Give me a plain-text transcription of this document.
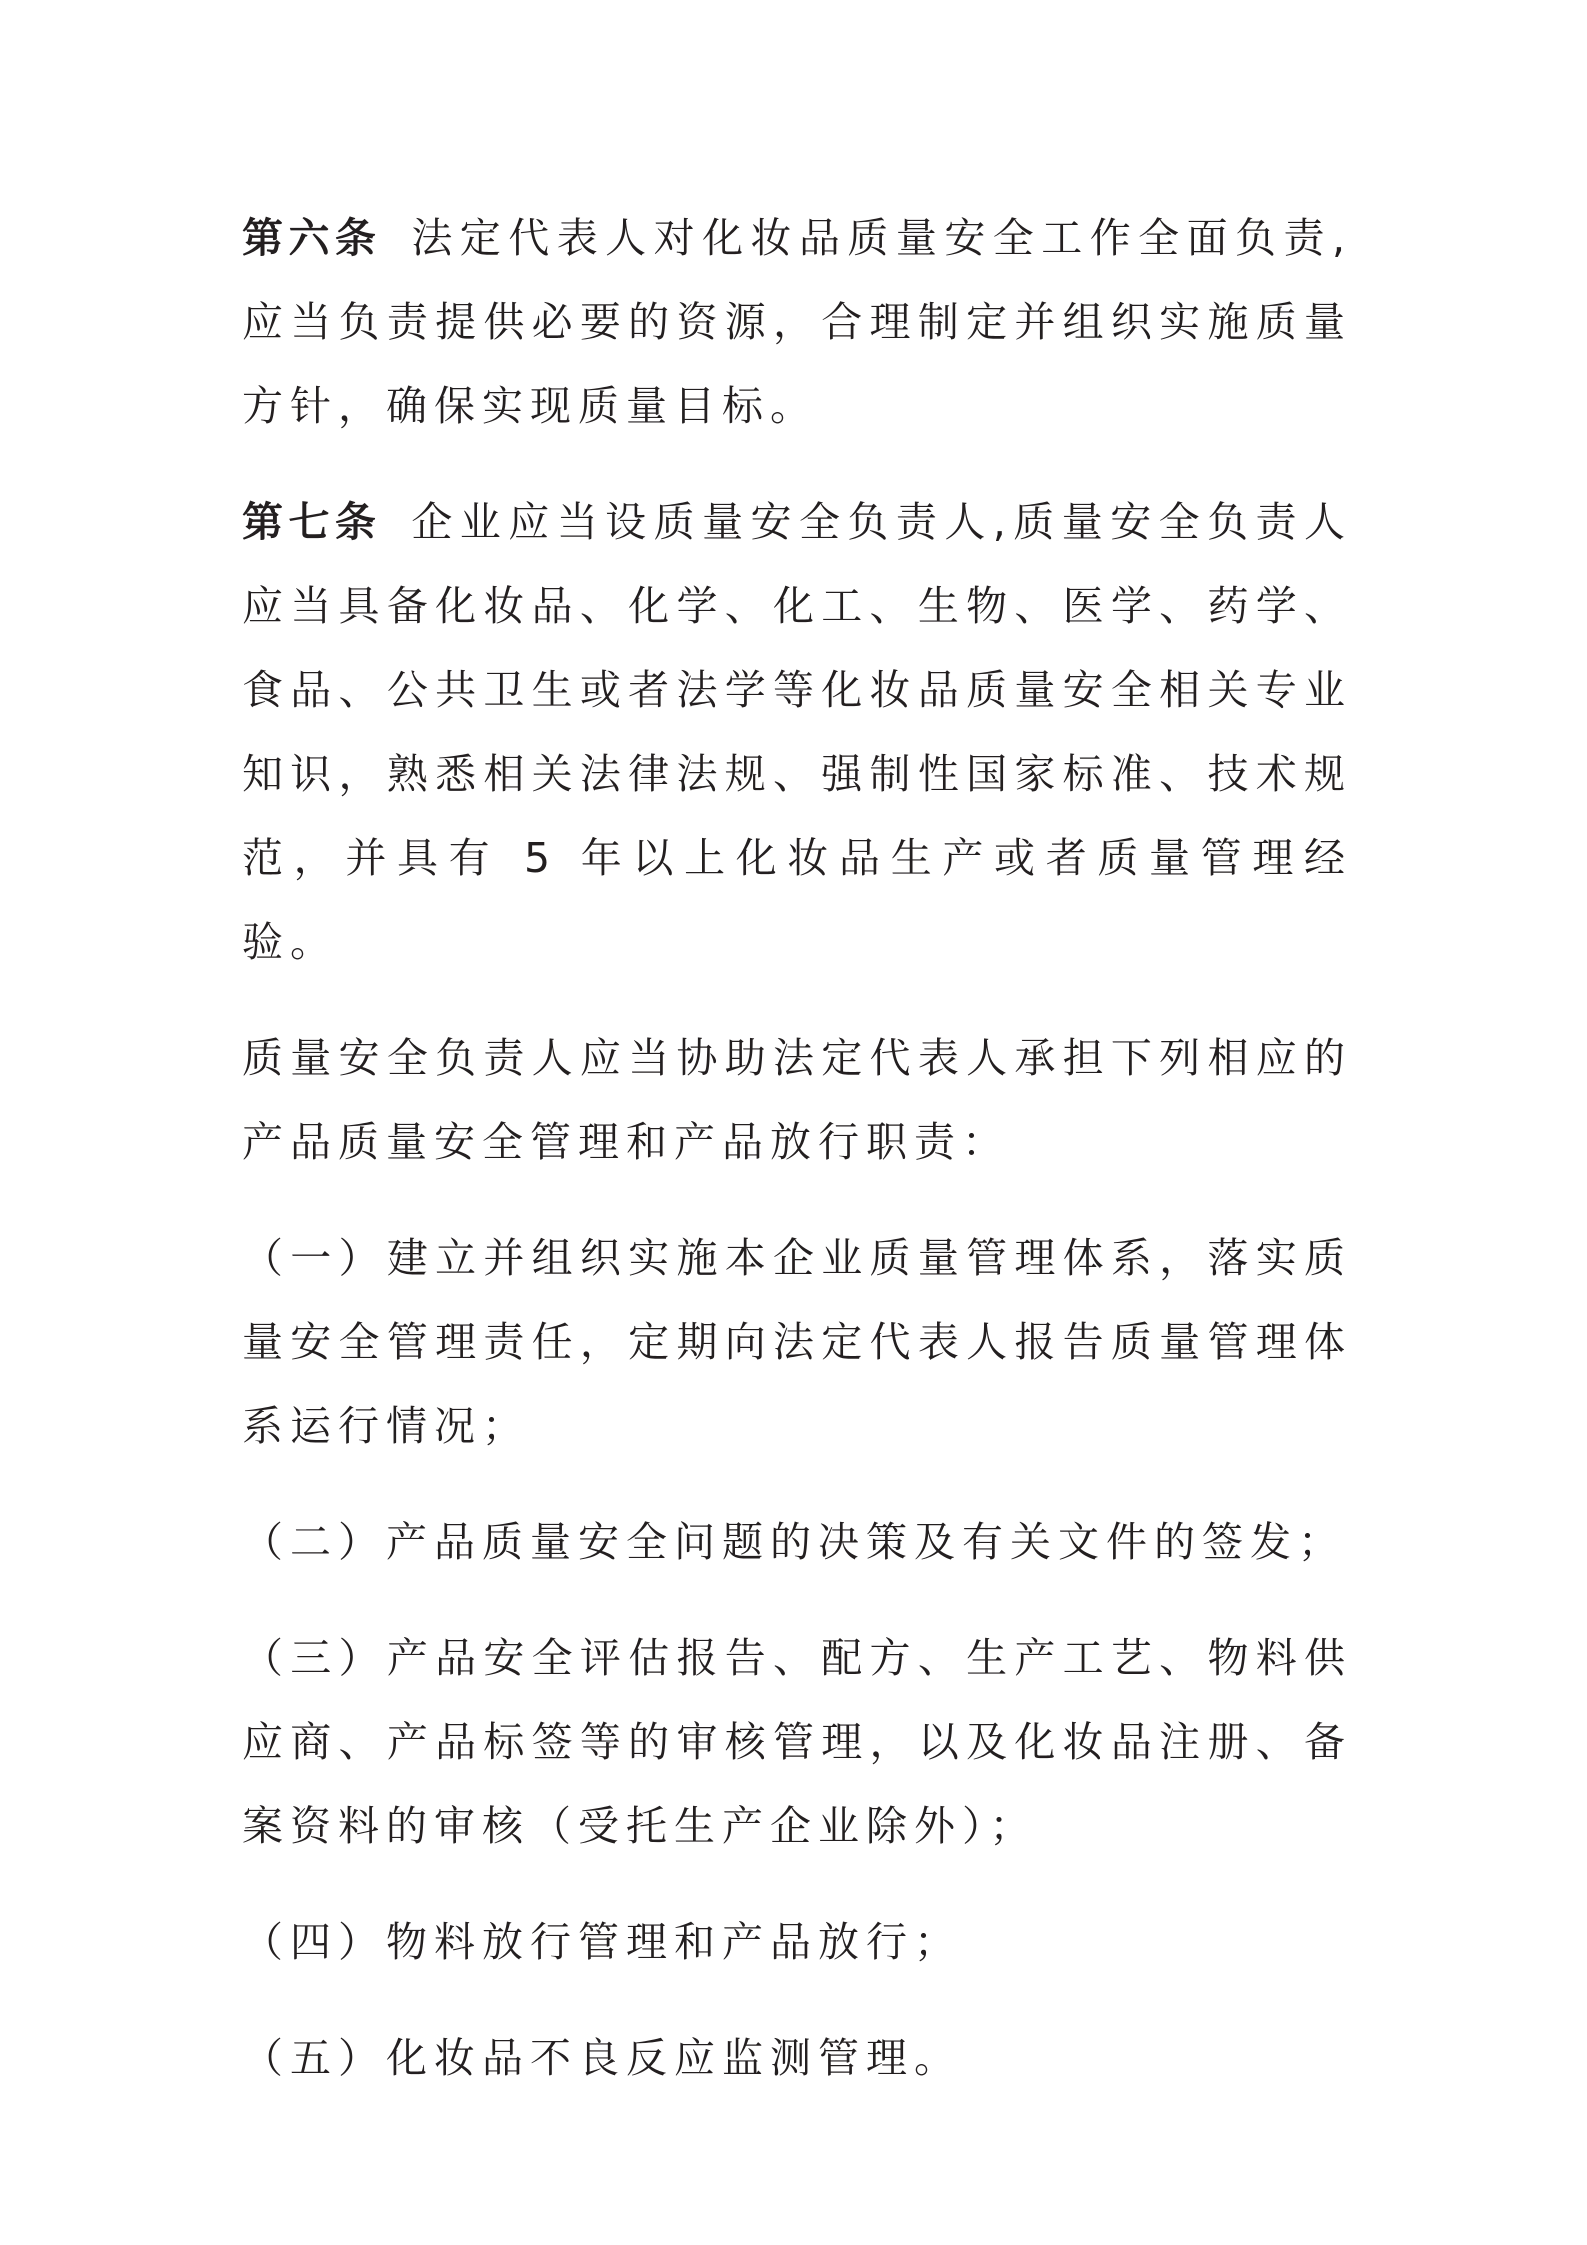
第六条 法定代表人对化妆品质量安全工作全面负责,应当负责提供必要的资源，合理制定并组织实施质量方针，确保实现质量目标。

第七条 企业应当设质量安全负责人,质量安全负责人应当具备化妆品、化学、化工、生物、医学、药学、食品、公共卫生或者法学等化妆品质量安全相关专业知识，熟悉相关法律法规、强制性国家标准、技术规范，并具有 5 年以上化妆品生产或者质量管理经验。

质量安全负责人应当协助法定代表人承担下列相应的产品质量安全管理和产品放行职责：

（一）建立并组织实施本企业质量管理体系，落实质量安全管理责任，定期向法定代表人报告质量管理体系运行情况；

（二）产品质量安全问题的决策及有关文件的签发；

（三）产品安全评估报告、配方、生产工艺、物料供应商、产品标签等的审核管理，以及化妆品注册、备案资料的审核（受托生产企业除外）；

（四）物料放行管理和产品放行；

（五）化妆品不良反应监测管理。
